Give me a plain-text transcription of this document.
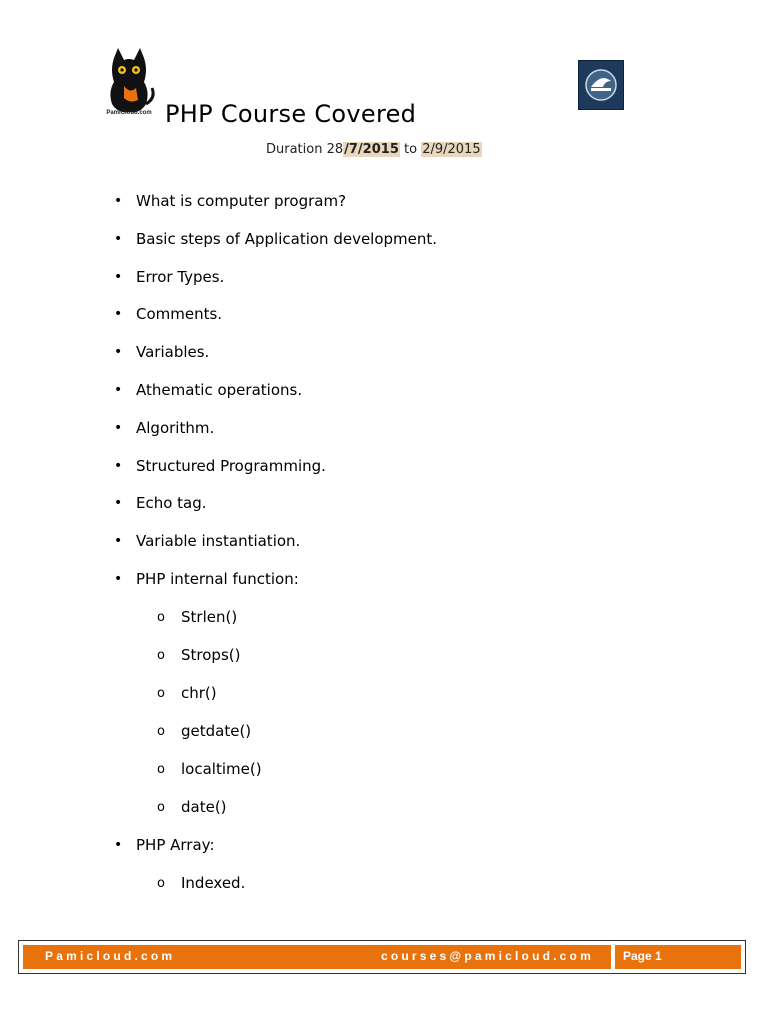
PamiCloud.com PHP Course Covered
Duration 28/7/2015 to 2/9/2015
• What is computer program?
• Basic steps of Application development.
• Error Types.
• Comments.
• Variables.
• Athematic operations.
• Algorithm.
• Structured Programming.
• Echo tag.
• Variable instantiation.
• PHP internal function:
o Strlen()
o Strops()
o chr()
o getdate()
o localtime()
o date()
• PHP Array:
o Indexed.
Pamicloud.com	courses@pamicloud.com Page 1
